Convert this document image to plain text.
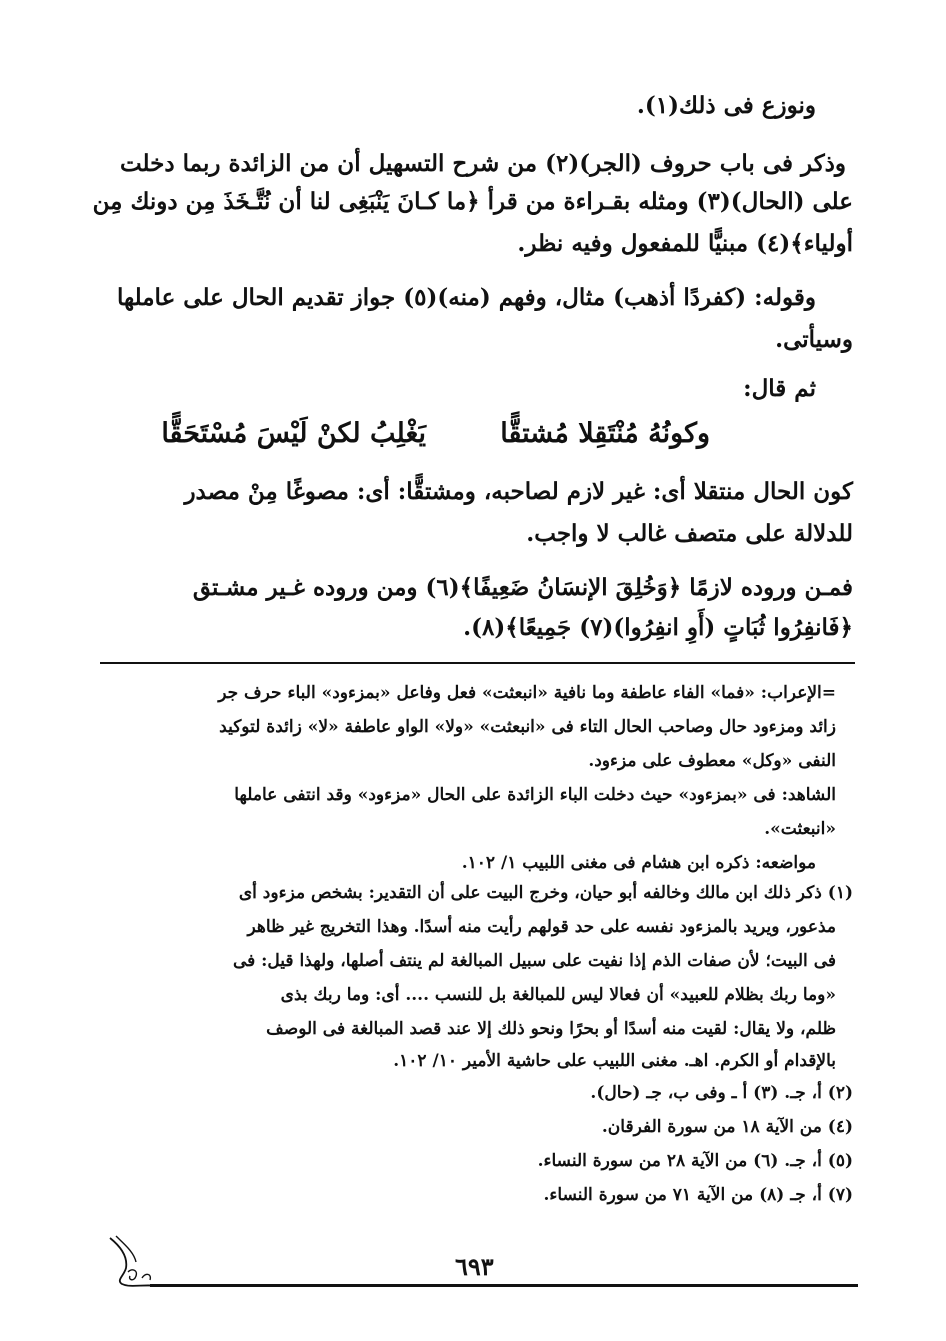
ونوزع فى ذلك(١).
وذكر فى باب حروف (الجر)(٢) من شرح التسهيل أن من الزائدة ربما دخلت
على (الحال)(٣) ومثله بقـراءة من قرأ ﴿ما كـانَ يَنْبَغِى لنا أن نُتَّـخَذَ مِن دونك مِن
أولياء﴾(٤) مبنيًّا للمفعول وفيه نظر.
وقوله: (كفردًا أذهب) مثال، وفهم (منه)(٥) جواز تقديم الحال على عاملها
وسيأتى.
ثم قال:
وكونُهُ مُنْتَقِلا مُشتقًّا
يَغْلِبُ لكنْ لَيْسَ مُسْتَحَقًّا
كون الحال منتقلا أى: غير لازم لصاحبه، ومشتقًّا: أى: مصوغًا مِنْ مصدر
للدلالة على متصف غالب لا واجب.
فمـن وروده لازمًا ﴿وَخُلِقَ الإنسَانُ ضَعِيفًا﴾(٦) ومن وروده غـير مشـتق
﴿فَانفِرُوا ثُبَاتٍ (أَوِ انفِرُوا)(٧) جَمِيعًا﴾(٨).
=الإعراب: «فما» الفاء عاطفة وما نافية «انبعثت» فعل وفاعل «بمزءود» الباء حرف جر
زائد ومزءود حال وصاحب الحال التاء فى «انبعثت» «ولا» الواو عاطفة «لا» زائدة لتوكيد
النفى «وكل» معطوف على مزءود.
الشاهد: فى «بمزءود» حيث دخلت الباء الزائدة على الحال «مزءود» وقد انتفى عاملها
«انبعثت».
مواضعه: ذكره ابن هشام فى مغنى اللبيب ١/ ١٠٢.
(١) ذكر ذلك ابن مالك وخالفه أبو حيان، وخرج البيت على أن التقدير: بشخص مزءود أى
مذعور، ويريد بالمزءود نفسه على حد قولهم رأيت منه أسدًا. وهذا التخريج غير ظاهر
فى البيت؛ لأن صفات الذم إذا نفيت على سبيل المبالغة لم ينتف أصلها، ولهذا قيل: فى
«وما ربك بظلام للعبيد» أن فعالا ليس للمبالغة بل للنسب .... أى: وما ربك بذى
ظلم، ولا يقال: لقيت منه أسدًا أو بحرًا ونحو ذلك إلا عند قصد المبالغة فى الوصف
بالإقدام أو الكرم. اهـ. مغنى اللبيب على حاشية الأمير ١٠/ ١٠٢.
(٢) أ، جـ. (٣) أ ـ وفى ب، جـ (حال).
(٤) من الآية ١٨ من سورة الفرقان.
(٥) أ، جـ. (٦) من الآية ٢٨ من سورة النساء.
(٧) أ، جـ (٨) من الآية ٧١ من سورة النساء.
٦٩٣
